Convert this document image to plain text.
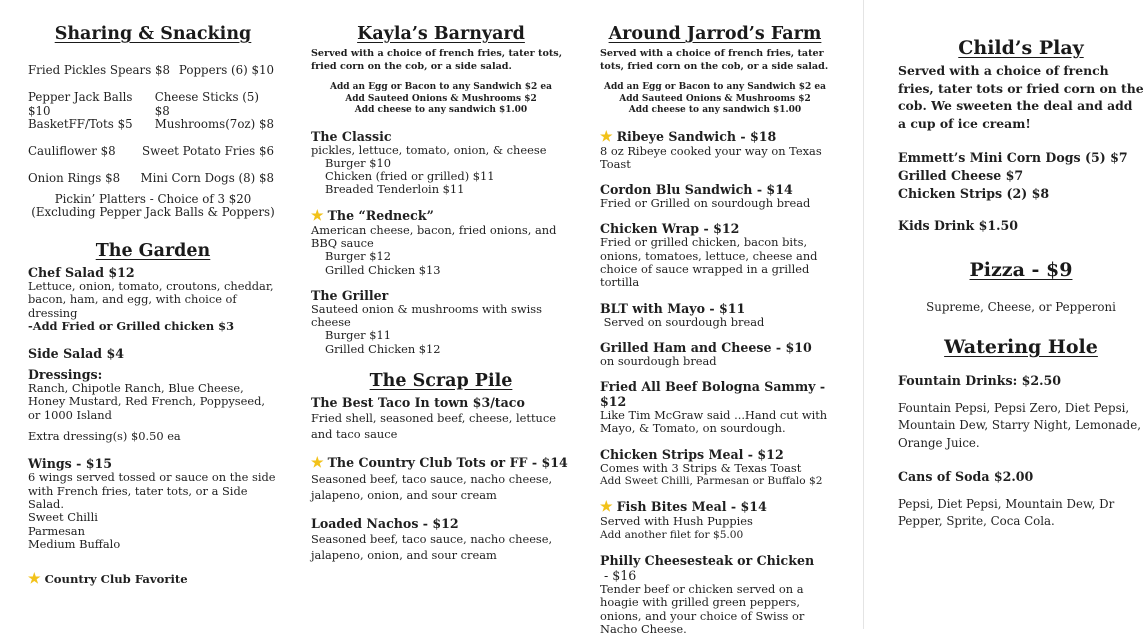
Sharing & Snacking
Fried Pickles Spears $8 Poppers (6) $10
Pepper Jack Balls $10
Cheese Sticks (5) $8
BasketFF/Tots $5 Mushrooms(7oz) $8
Cauliflower $8 Sweet Potato Fries $6
Onion Rings $8 Mini Corn Dogs (8) $8
Pickin’ Platters - Choice of 3 $20
(Excluding Pepper Jack Balls & Poppers)
The Garden
Chef Salad $12
Lettuce, onion, tomato, croutons, cheddar, bacon, ham, and egg, with choice of dressing
-Add Fried or Grilled chicken $3
Side Salad $4
Dressings:
Ranch, Chipotle Ranch, Blue Cheese, Honey Mustard, Red French, Poppyseed, or 1000 Island
Extra dressing(s) $0.50 ea
Wings - $15
6 wings served tossed or sauce on the side with French fries, tater tots, or a Side Salad.
Sweet Chilli
Parmesan
Medium Buffalo
★ Country Club Favorite
Kayla’s Barnyard
Served with a choice of french fries, tater tots, fried corn on the cob, or a side salad.
Add an Egg or Bacon to any Sandwich $2 ea
Add Sauteed Onions & Mushrooms $2
Add cheese to any sandwich $1.00
The Classic
pickles, lettuce, tomato, onion, & cheese
Burger $10
Chicken (fried or grilled) $11
Breaded Tenderloin $11
★ The “Redneck”
American cheese, bacon, fried onions, and BBQ sauce
Burger $12
Grilled Chicken $13
The Griller
Sauteed onion & mushrooms with swiss cheese
Burger $11
Grilled Chicken $12
The Scrap Pile
The Best Taco In town $3/taco
Fried shell, seasoned beef, cheese, lettuce and taco sauce
★ The Country Club Tots or FF - $14
Seasoned beef, taco sauce, nacho cheese, jalapeno, onion, and sour cream
Loaded Nachos - $12
Seasoned beef, taco sauce, nacho cheese, jalapeno, onion, and sour cream
Around Jarrod’s Farm
Served with a choice of french fries, tater tots, fried corn on the cob, or a side salad.
Add an Egg or Bacon to any Sandwich $2 ea
Add Sauteed Onions & Mushrooms $2
Add cheese to any sandwich $1.00
★ Ribeye Sandwich - $18
8 oz Ribeye cooked your way on Texas Toast
Cordon Blu Sandwich - $14
Fried or Grilled on sourdough bread
Chicken Wrap - $12
Fried or grilled chicken, bacon bits, onions, tomatoes, lettuce, cheese and choice of sauce wrapped in a grilled tortilla
BLT with Mayo - $11
Served on sourdough bread
Grilled Ham and Cheese - $10
on sourdough bread
Fried All Beef Bologna Sammy - $12
Like Tim McGraw said ...Hand cut with Mayo, & Tomato, on sourdough.
Chicken Strips Meal - $12
Comes with 3 Strips & Texas Toast
Add Sweet Chilli, Parmesan or Buffalo $2
★ Fish Bites Meal - $14
Served with Hush Puppies
Add another filet for $5.00
Philly Cheesesteak or Chicken - $16
Tender beef or chicken served on a hoagie with grilled green peppers, onions, and your choice of Swiss or Nacho Cheese.
Child’s Play
Served with a choice of french fries, tater tots or fried corn on the cob. We sweeten the deal and add a cup of ice cream!
Emmett’s Mini Corn Dogs (5) $7
Grilled Cheese $7
Chicken Strips (2) $8
Kids Drink $1.50
Pizza - $9
Supreme, Cheese, or Pepperoni
Watering Hole
Fountain Drinks: $2.50
Fountain Pepsi, Pepsi Zero, Diet Pepsi, Mountain Dew, Starry Night, Lemonade, Orange Juice.
Cans of Soda $2.00
Pepsi, Diet Pepsi, Mountain Dew, Dr Pepper, Sprite, Coca Cola.
